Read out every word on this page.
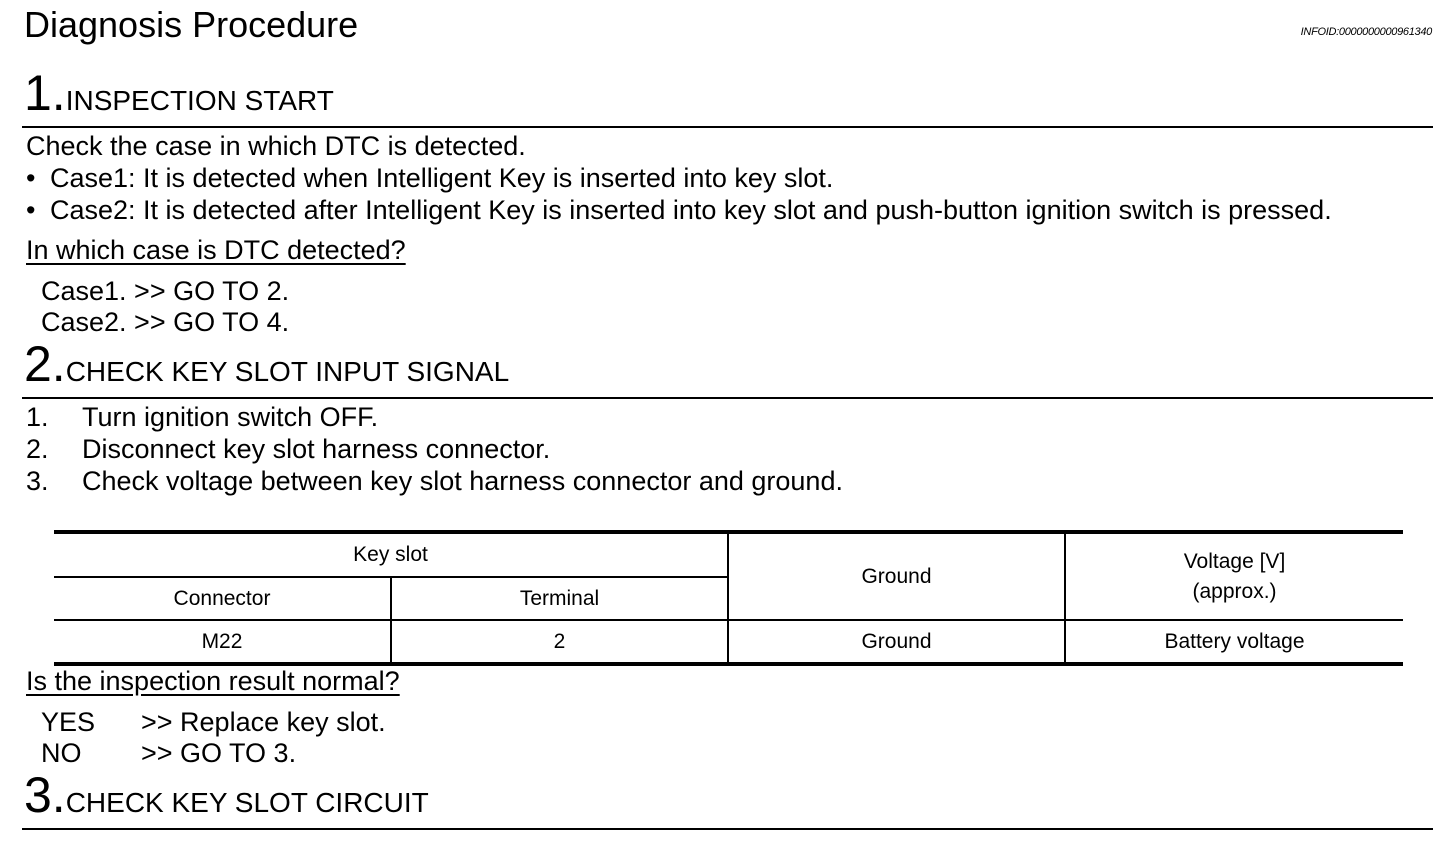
Diagnosis Procedure	INFOID:0000000000961340
1.INSPECTION START
Check the case in which DTC is detected.
• Case1: It is detected when Intelligent Key is inserted into key slot.
• Case2: It is detected after Intelligent Key is inserted into key slot and push-button ignition switch is pressed.
In which case is DTC detected?
Case1. >> GO TO 2.
Case2. >> GO TO 4.
2.CHECK KEY SLOT INPUT SIGNAL
1. Turn ignition switch OFF.
2. Disconnect key slot harness connector.
3. Check voltage between key slot harness connector and ground.
Key slot		Ground	Voltage [V]
(approx.)
Connector	Terminal		
M22	2	Ground	Battery voltage
Is the inspection result normal?
YES >> Replace key slot.
NO >> GO TO 3.
3.CHECK KEY SLOT CIRCUIT
